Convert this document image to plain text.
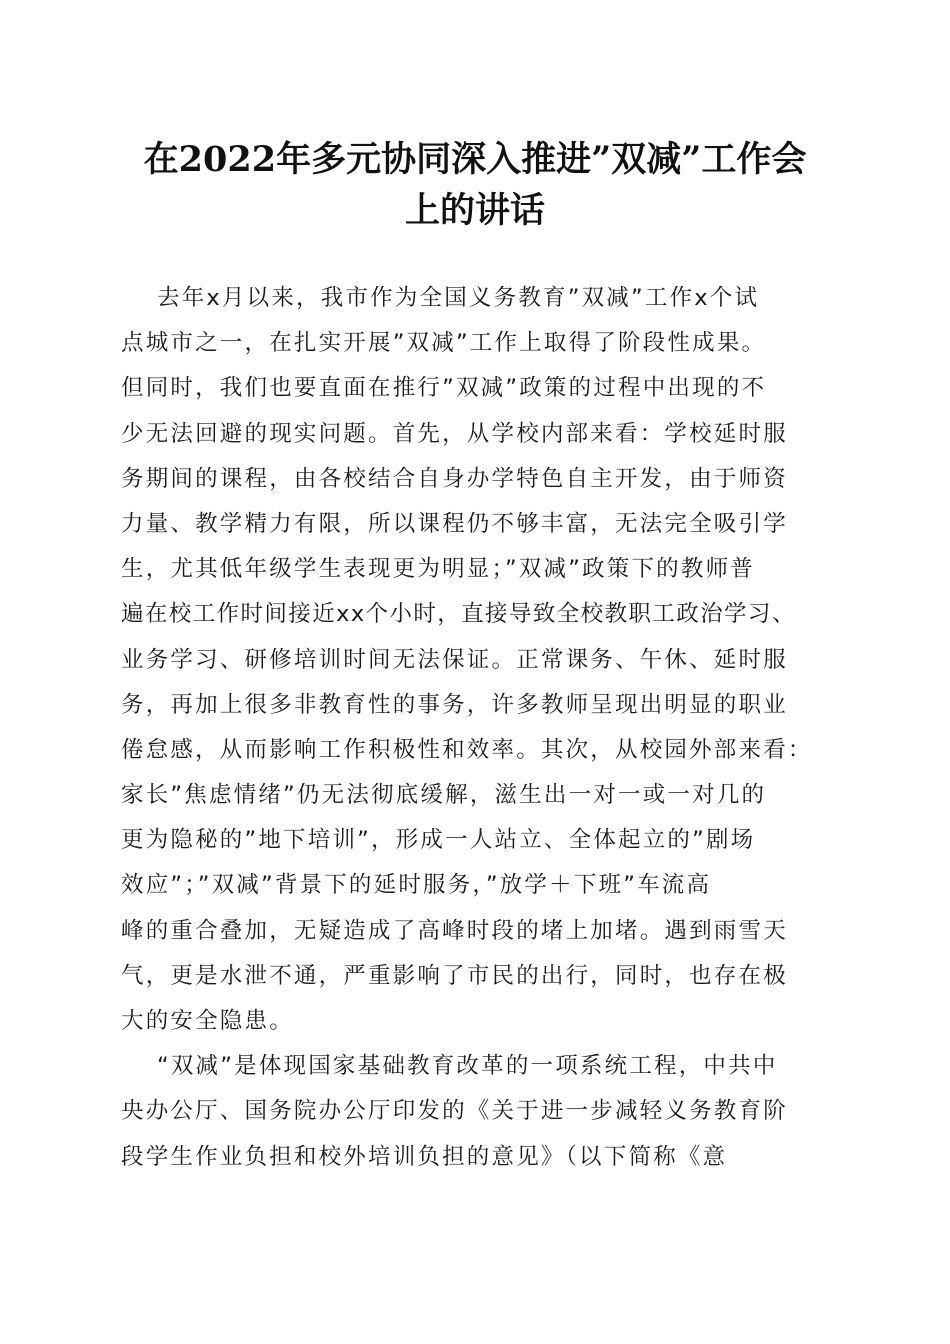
在2022年多元协同深入推进”双减”工作会
上的讲话
去年x月以来，我市作为全国义务教育”双减”工作x个试
点城市之一，在扎实开展”双减”工作上取得了阶段性成果。
但同时，我们也要直面在推行”双减”政策的过程中出现的不
少无法回避的现实问题。首先，从学校内部来看：学校延时服
务期间的课程，由各校结合自身办学特色自主开发，由于师资
力量、教学精力有限，所以课程仍不够丰富，无法完全吸引学
生，尤其低年级学生表现更为明显；”双减”政策下的教师普
遍在校工作时间接近xx个小时，直接导致全校教职工政治学习、
业务学习、研修培训时间无法保证。正常课务、午休、延时服
务，再加上很多非教育性的事务，许多教师呈现出明显的职业
倦怠感，从而影响工作积极性和效率。其次，从校园外部来看：
家长”焦虑情绪”仍无法彻底缓解，滋生出一对一或一对几的
更为隐秘的”地下培训”，形成一人站立、全体起立的”剧场
效应”；”双减”背景下的延时服务，”放学＋下班”车流高
峰的重合叠加，无疑造成了高峰时段的堵上加堵。遇到雨雪天
气，更是水泄不通，严重影响了市民的出行，同时，也存在极
大的安全隐患。
“双减”是体现国家基础教育改革的一项系统工程，中共中
央办公厅、国务院办公厅印发的《关于进一步减轻义务教育阶
段学生作业负担和校外培训负担的意见》（以下简称《意
